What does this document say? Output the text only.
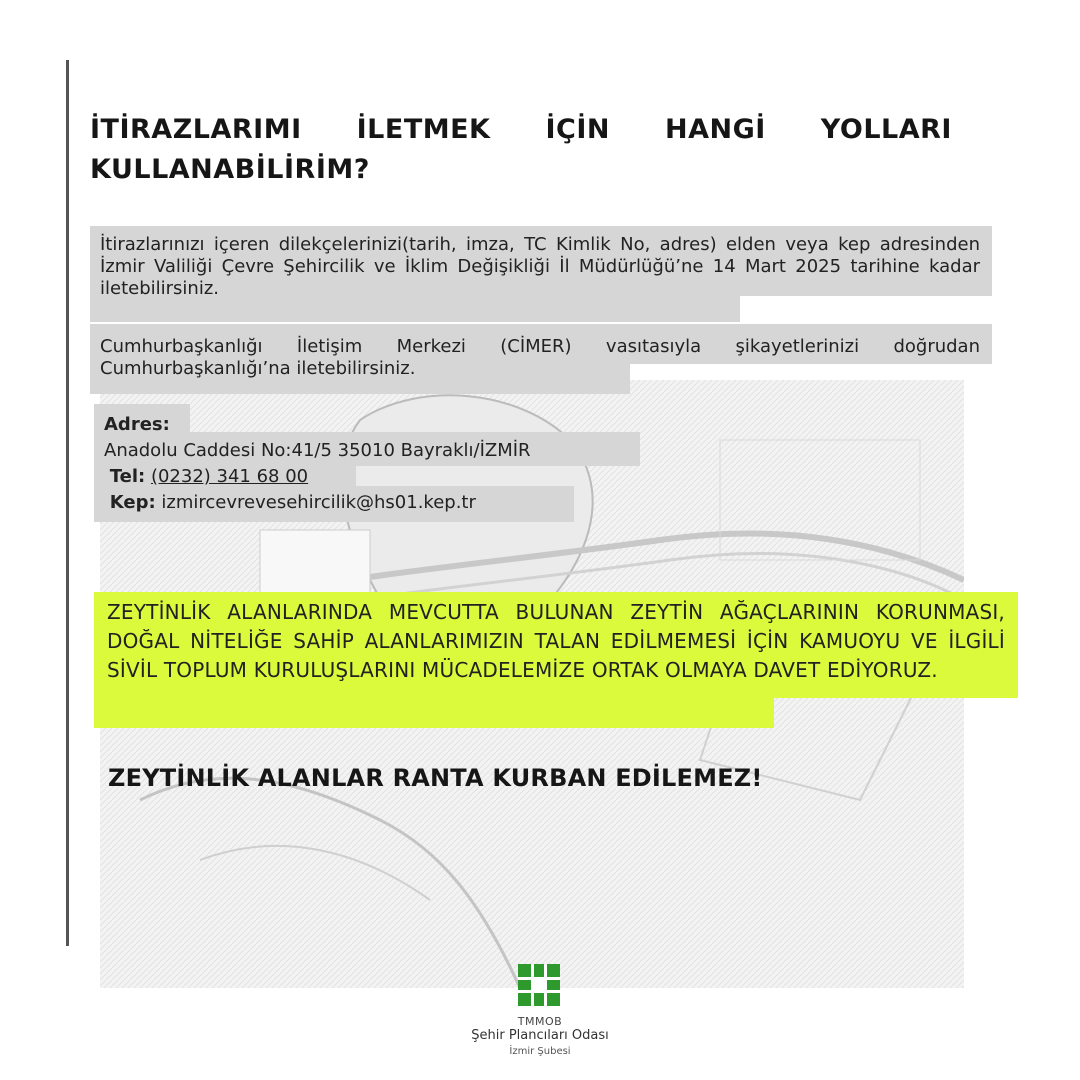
İTİRAZLARIMI İLETMEK İÇİN HANGİ YOLLARI
KULLANABİLİRİM?
İtirazlarınızı içeren dilekçelerinizi(tarih, imza, TC Kimlik No, adres) elden veya kep adresinden İzmir Valiliği Çevre Şehircilik ve İklim Değişikliği İl Müdürlüğü’ne 14 Mart 2025 tarihine kadar iletebilirsiniz.
Cumhurbaşkanlığı İletişim Merkezi (CİMER) vasıtasıyla şikayetlerinizi doğrudan Cumhurbaşkanlığı’na iletebilirsiniz.
Adres:
Anadolu Caddesi No:41/5 35010 Bayraklı/İZMİR
Tel: (0232) 341 68 00
Kep: izmircevrevesehircilik@hs01.kep.tr
ZEYTİNLİK ALANLARINDA MEVCUTTA BULUNAN ZEYTİN AĞAÇLARININ KORUNMASI, DOĞAL NİTELİĞE SAHİP ALANLARIMIZIN TALAN EDİLMEMESİ İÇİN KAMUOYU VE İLGİLİ SİVİL TOPLUM KURULUŞLARINI MÜCADELEMİZE ORTAK OLMAYA DAVET EDİYORUZ.
ZEYTİNLİK ALANLAR RANTA KURBAN EDİLEMEZ!
TMMOB
Şehir Plancıları Odası
İzmir Şubesi
